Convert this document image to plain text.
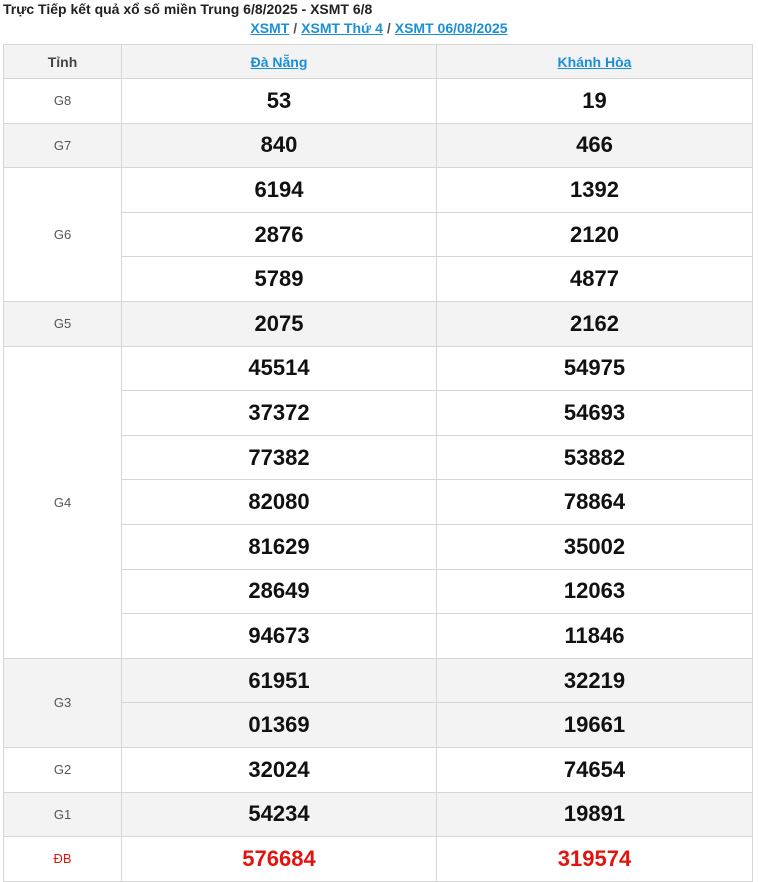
Trực Tiếp kết quả xổ số miền Trung 6/8/2025 - XSMT 6/8
XSMT / XSMT Thứ 4 / XSMT 06/08/2025
Tỉnh	Đà Nẵng	Khánh Hòa
G8	53	19
G7	840	466
G6	6194	1392
	2876	2120
	5789	4877
G5	2075	2162
G4	45514	54975
	37372	54693
	77382	53882
	82080	78864
	81629	35002
	28649	12063
	94673	11846
G3	61951	32219
	01369	19661
G2	32024	74654
G1	54234	19891
ĐB	576684	319574
